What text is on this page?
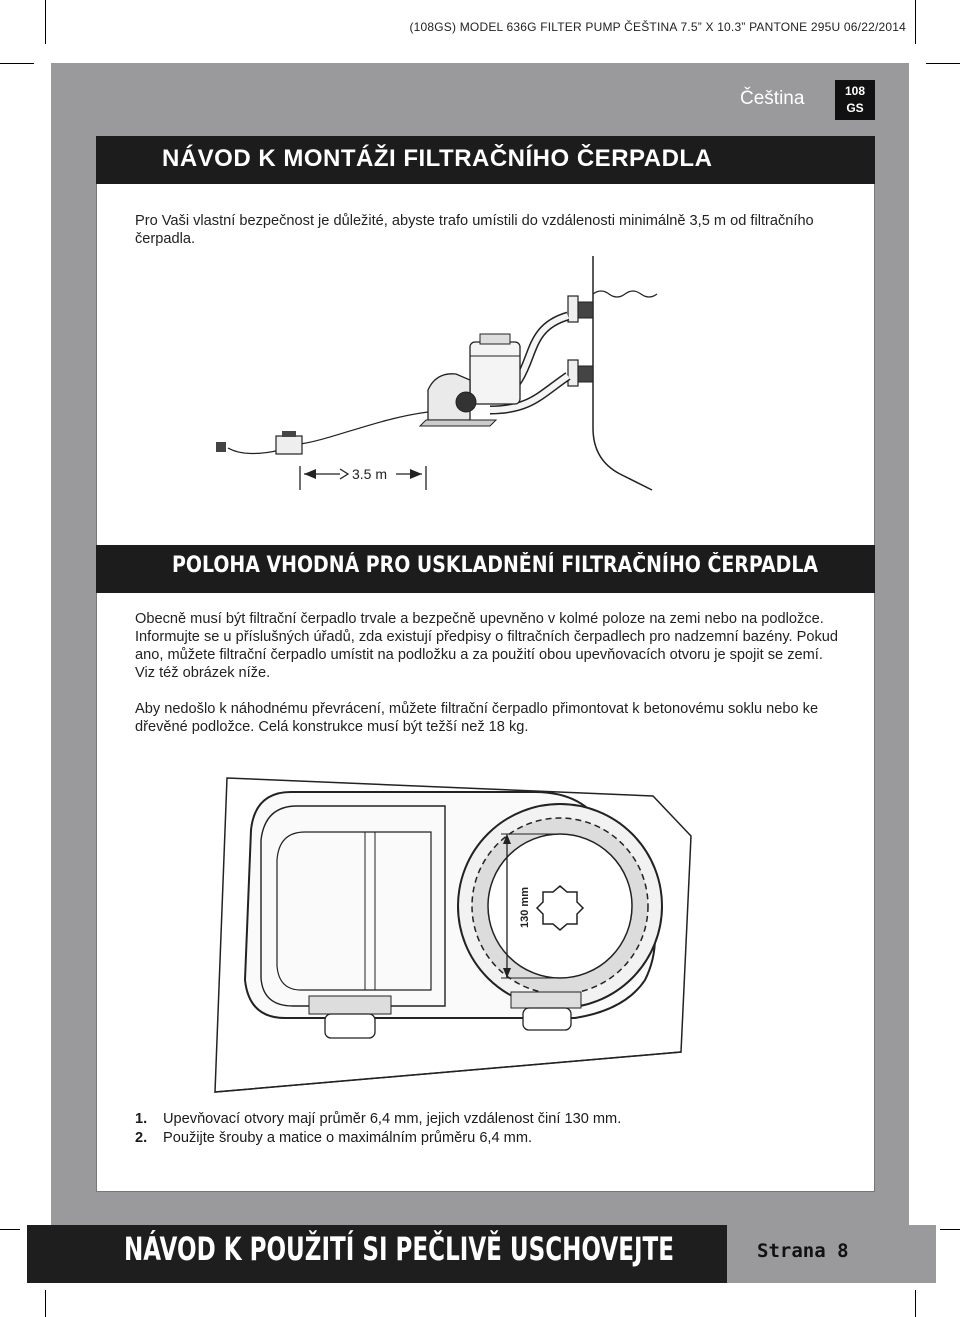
(108GS) MODEL 636G FILTER PUMP ČEŠTINA 7.5” X 10.3” PANTONE 295U 06/22/2014
Čeština	108
GS
NÁVOD K MONTÁŽI FILTRAČNÍHO ČERPADLA

Pro Vaši vlastní bezpečnost je důležité, abyste trafo umístili do vzdálenosti minimálně 3,5 m od filtračního čerpadla.

3.5 m
POLOHA VHODNÁ PRO USKLADNĚNÍ FILTRAČNÍHO ČERPADLA

Obecně musí být filtrační čerpadlo trvale a bezpečně upevněno v kolmé poloze na zemi nebo na podložce. Informujte se u příslušných úřadů, zda existují předpisy o filtračních čerpadlech pro nadzemní bazény. Pokud ano, můžete filtrační čerpadlo umístit na podložku a za použití obou upevňovacích otvoru je spojit se zemí. Viz též obrázek níže.

Aby nedošlo k náhodnému převrácení, můžete filtrační čerpadlo přimontovat k betonovému soklu nebo ke dřevěné podložce. Celá konstrukce musí být težší než 18 kg.

130 mm
1. Upevňovací otvory mají průměr 6,4 mm, jejich vzdálenost činí 130 mm.
2. Použijte šrouby a matice o maximálním průměru 6,4 mm.
NÁVOD K POUŽITÍ SI PEČLIVĚ USCHOVEJTE	Strana 8
